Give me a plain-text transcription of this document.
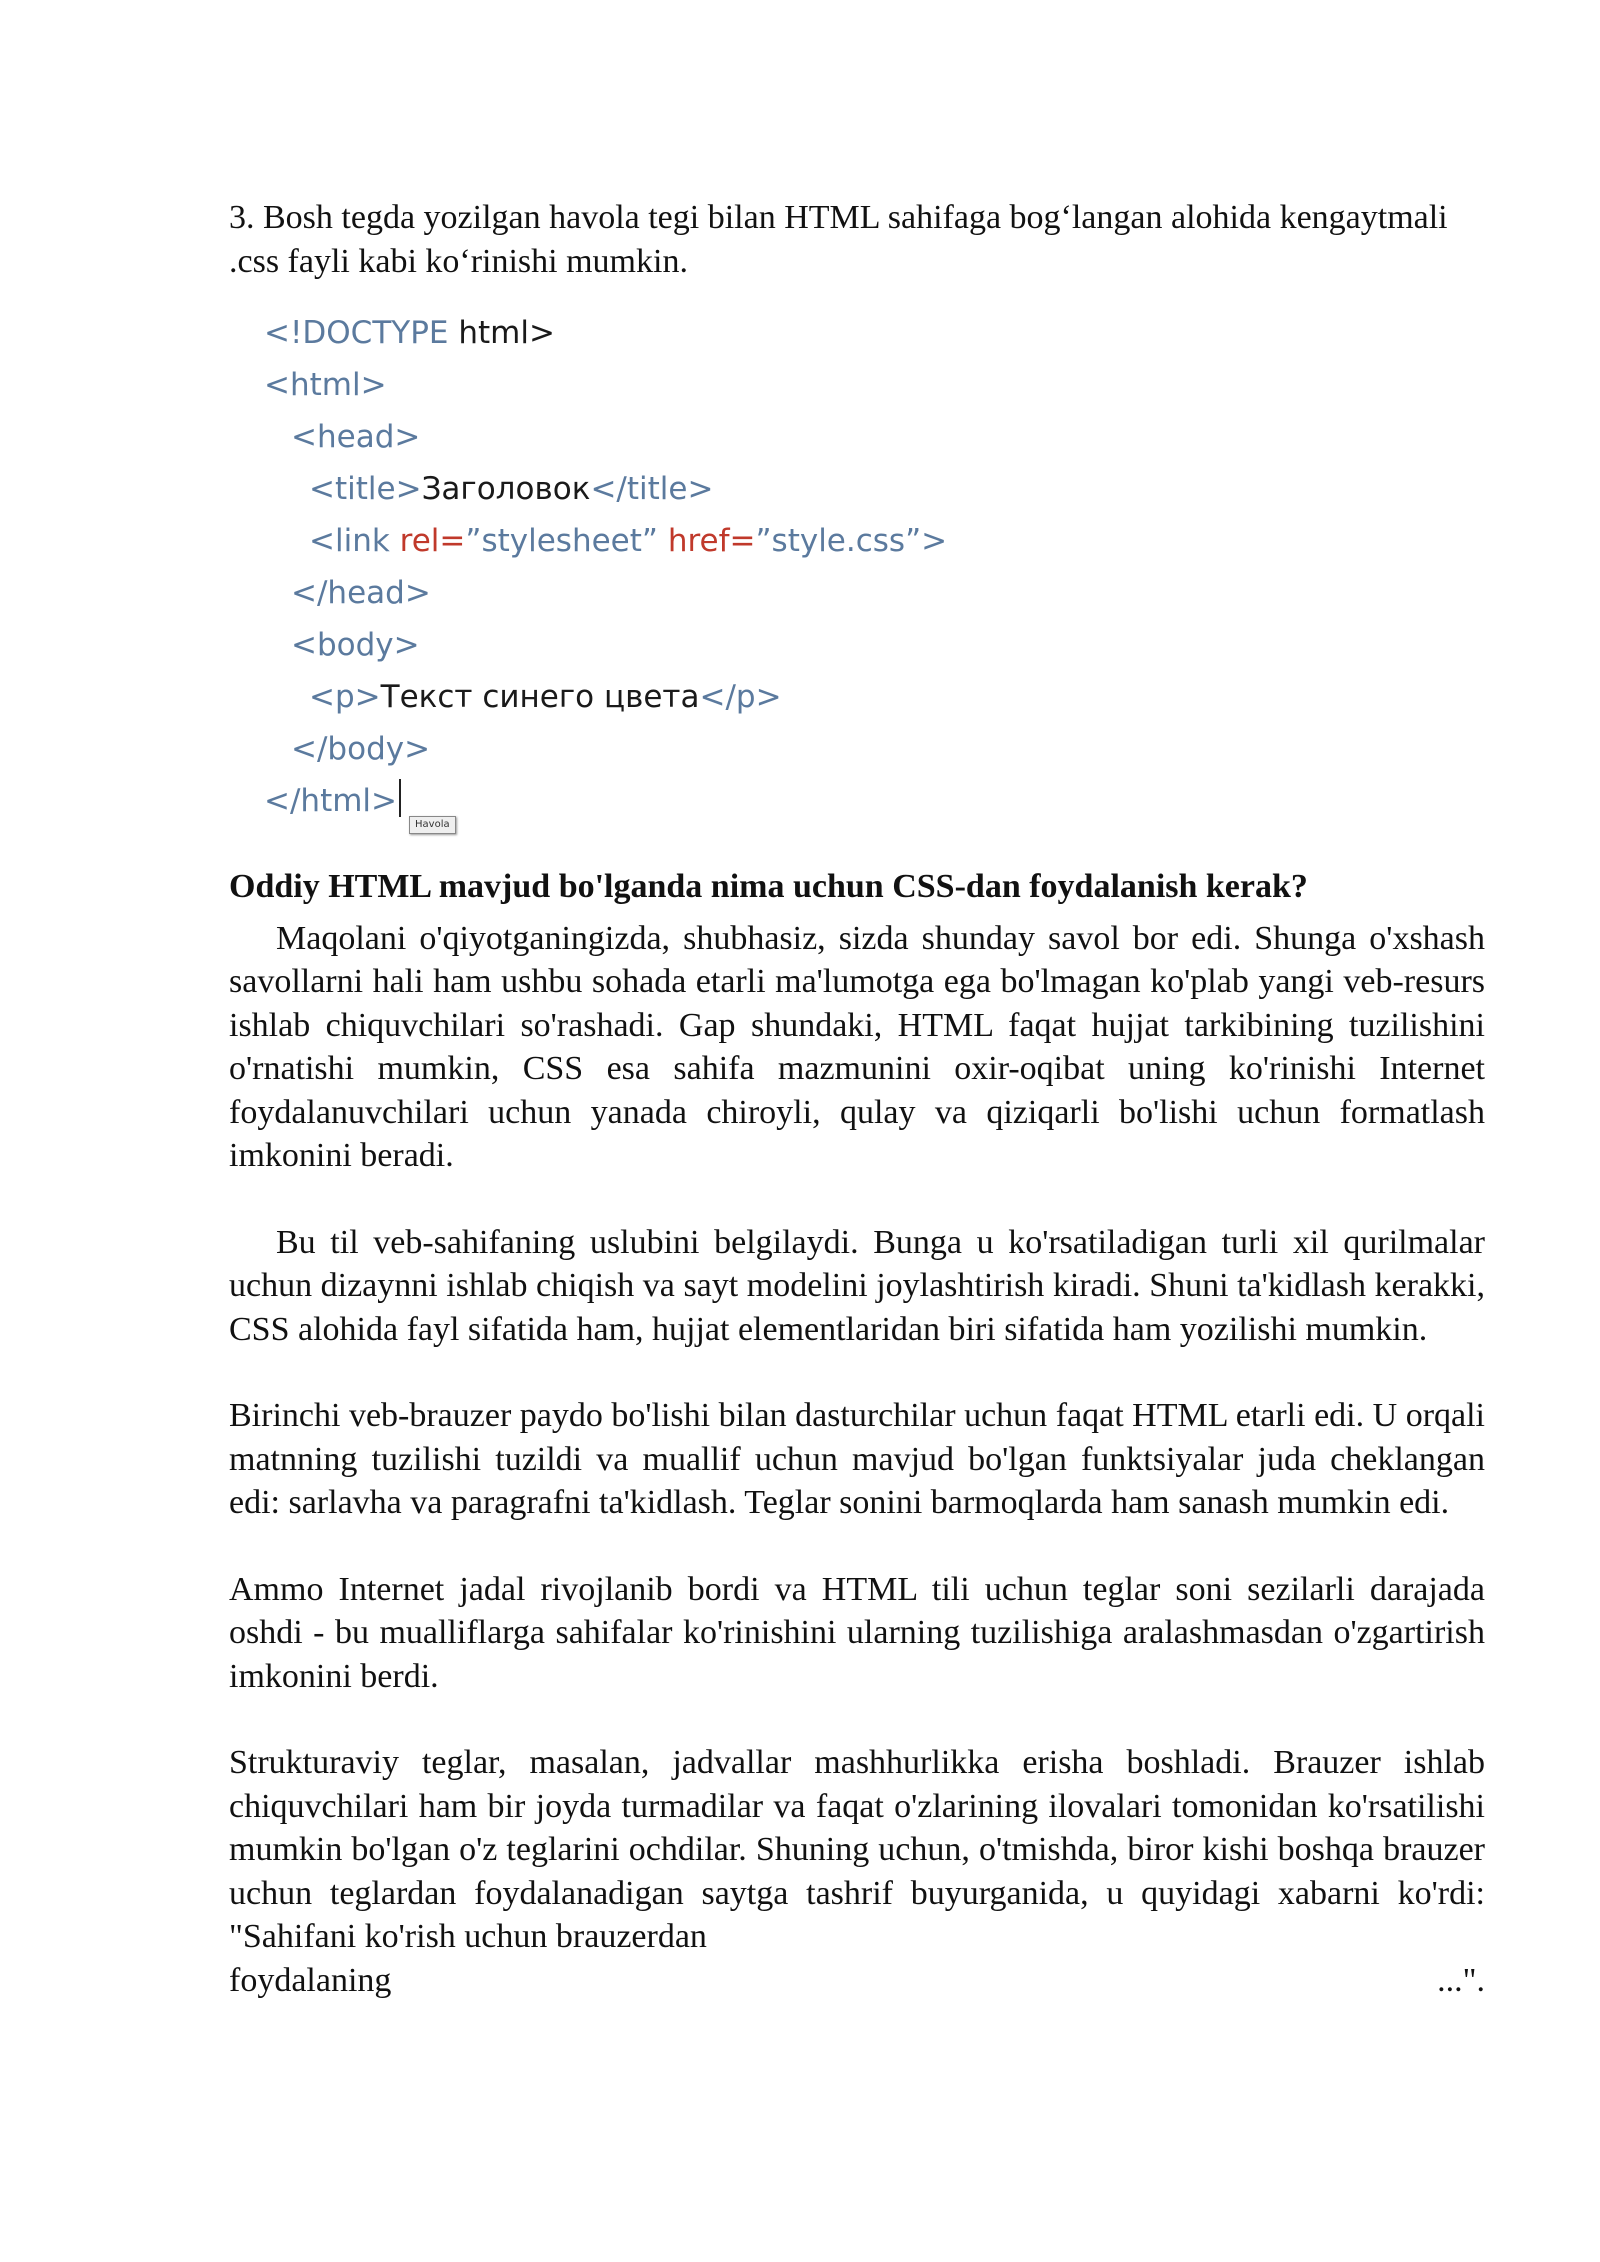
3. Bosh tegda yozilgan havola tegi bilan HTML sahifaga bog‘langan alohida kengaytmali .css fayli kabi ko‘rinishi mumkin.

<!DOCTYPE html>
<html>
<head>
<title>Заголовок</title>
<link rel=”stylesheet” href=”style.css”>
</head>
<body>
<p>Текст синего цвета</p>
</body>
</html>Havola
Oddiy HTML mavjud bo'lganda nima uchun CSS-dan foydalanish kerak?

Maqolani o'qiyotganingizda, shubhasiz, sizda shunday savol bor edi. Shunga o'xshash savollarni hali ham ushbu sohada etarli ma'lumotga ega bo'lmagan ko'plab yangi veb-resurs ishlab chiquvchilari so'rashadi. Gap shundaki, HTML faqat hujjat tarkibining tuzilishini o'rnatishi mumkin, CSS esa sahifa mazmunini oxir-oqibat uning ko'rinishi Internet foydalanuvchilari uchun yanada chiroyli, qulay va qiziqarli bo'lishi uchun formatlash imkonini beradi.

Bu til veb-sahifaning uslubini belgilaydi. Bunga u ko'rsatiladigan turli xil qurilmalar uchun dizaynni ishlab chiqish va sayt modelini joylashtirish kiradi. Shuni ta'kidlash kerakki, CSS alohida fayl sifatida ham, hujjat elementlaridan biri sifatida ham yozilishi mumkin.

Birinchi veb-brauzer paydo bo'lishi bilan dasturchilar uchun faqat HTML etarli edi. U orqali matnning tuzilishi tuzildi va muallif uchun mavjud bo'lgan funktsiyalar juda cheklangan edi: sarlavha va paragrafni ta'kidlash. Teglar sonini barmoqlarda ham sanash mumkin edi.

Ammo Internet jadal rivojlanib bordi va HTML tili uchun teglar soni sezilarli darajada oshdi - bu mualliflarga sahifalar ko'rinishini ularning tuzilishiga aralashmasdan o'zgartirish imkonini berdi.

Strukturaviy teglar, masalan, jadvallar mashhurlikka erisha boshladi. Brauzer ishlab chiquvchilari ham bir joyda turmadilar va faqat o'zlarining ilovalari tomonidan ko'rsatilishi mumkin bo'lgan o'z teglarini ochdilar. Shuning uchun, o'tmishda, biror kishi boshqa brauzer uchun teglardan foydalanadigan saytga tashrif buyurganida, u quyidagi xabarni ko'rdi: "Sahifani ko'rish uchun brauzerdan

foydalaning	...".
